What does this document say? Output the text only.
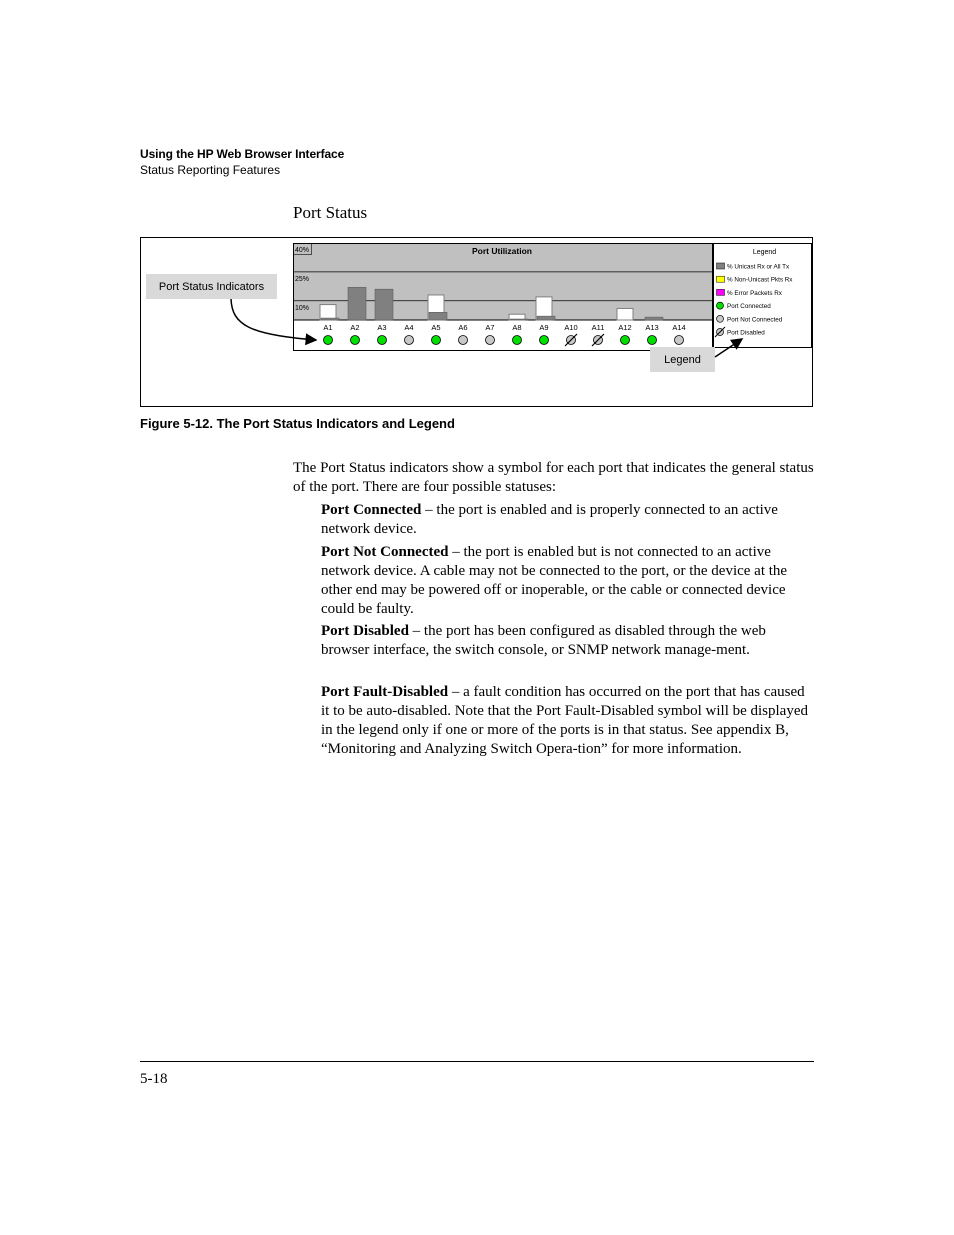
Using the HP Web Browser Interface
Status Reporting Features
Port Status
40%
25%
10%
Port Utilization
A1 A2 A3 A4 A5 A6 A7 A8 A9 A10 A11 A12 A13 A14
Legend
% Unicast Rx or All Tx
% Non-Unicast Pkts Rx
% Error Packets Rx
Port Connected
Port Not Connected
Port Disabled
Port Status Indicators
Legend
Figure 5-12. The Port Status Indicators and Legend
The Port Status indicators show a symbol for each port that indicates the general status of the port. There are four possible statuses:
Port Connected – the port is enabled and is properly connected to an active network device.
Port Not Connected – the port is enabled but is not connected to an active network device. A cable may not be connected to the port, or the device at the other end may be powered off or inoperable, or the cable or connected device could be faulty.
Port Disabled – the port has been configured as disabled through the web browser interface, the switch console, or SNMP network manage-ment.
Port Fault-Disabled – a fault condition has occurred on the port that has caused it to be auto-disabled. Note that the Port Fault-Disabled symbol will be displayed in the legend only if one or more of the ports is in that status. See appendix B, “Monitoring and Analyzing Switch Opera-tion” for more information.
5-18
